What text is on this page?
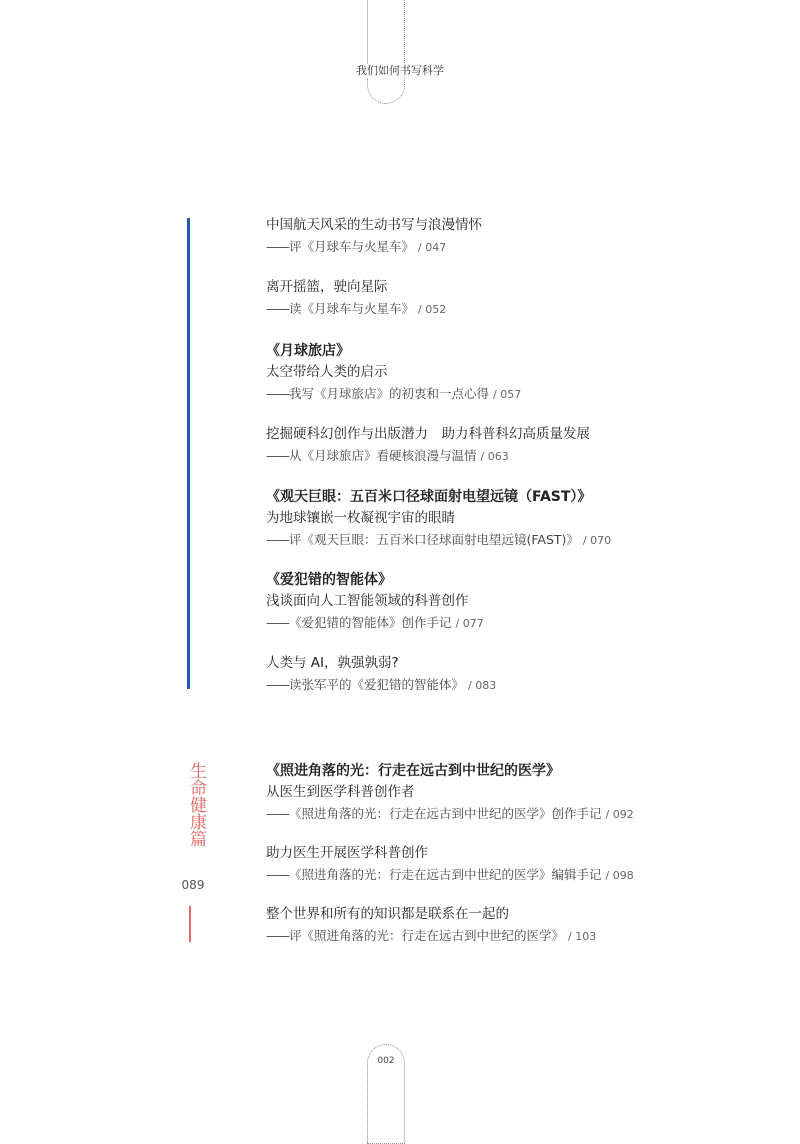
我们如何书写科学
中国航天风采的生动书写与浪漫情怀
——评《月球车与火星车》 / 047
离开摇篮，驶向星际
——读《月球车与火星车》 / 052
《月球旅店》
太空带给人类的启示
——我写《月球旅店》的初衷和一点心得 / 057
挖掘硬科幻创作与出版潜力　助力科普科幻高质量发展
——从《月球旅店》看硬核浪漫与温情 / 063
《观天巨眼：五百米口径球面射电望远镜（FAST）》
为地球镶嵌一枚凝视宇宙的眼睛
——评《观天巨眼：五百米口径球面射电望远镜(FAST)》 / 070
《爱犯错的智能体》
浅谈面向人工智能领域的科普创作
——《爱犯错的智能体》创作手记 / 077
人类与 AI，孰强孰弱?
——读张军平的《爱犯错的智能体》 / 083
生命健康篇
089
《照进角落的光：行走在远古到中世纪的医学》
从医生到医学科普创作者
——《照进角落的光：行走在远古到中世纪的医学》创作手记 / 092
助力医生开展医学科普创作
——《照进角落的光：行走在远古到中世纪的医学》编辑手记 / 098
整个世界和所有的知识都是联系在一起的
——评《照进角落的光：行走在远古到中世纪的医学》 / 103
002
